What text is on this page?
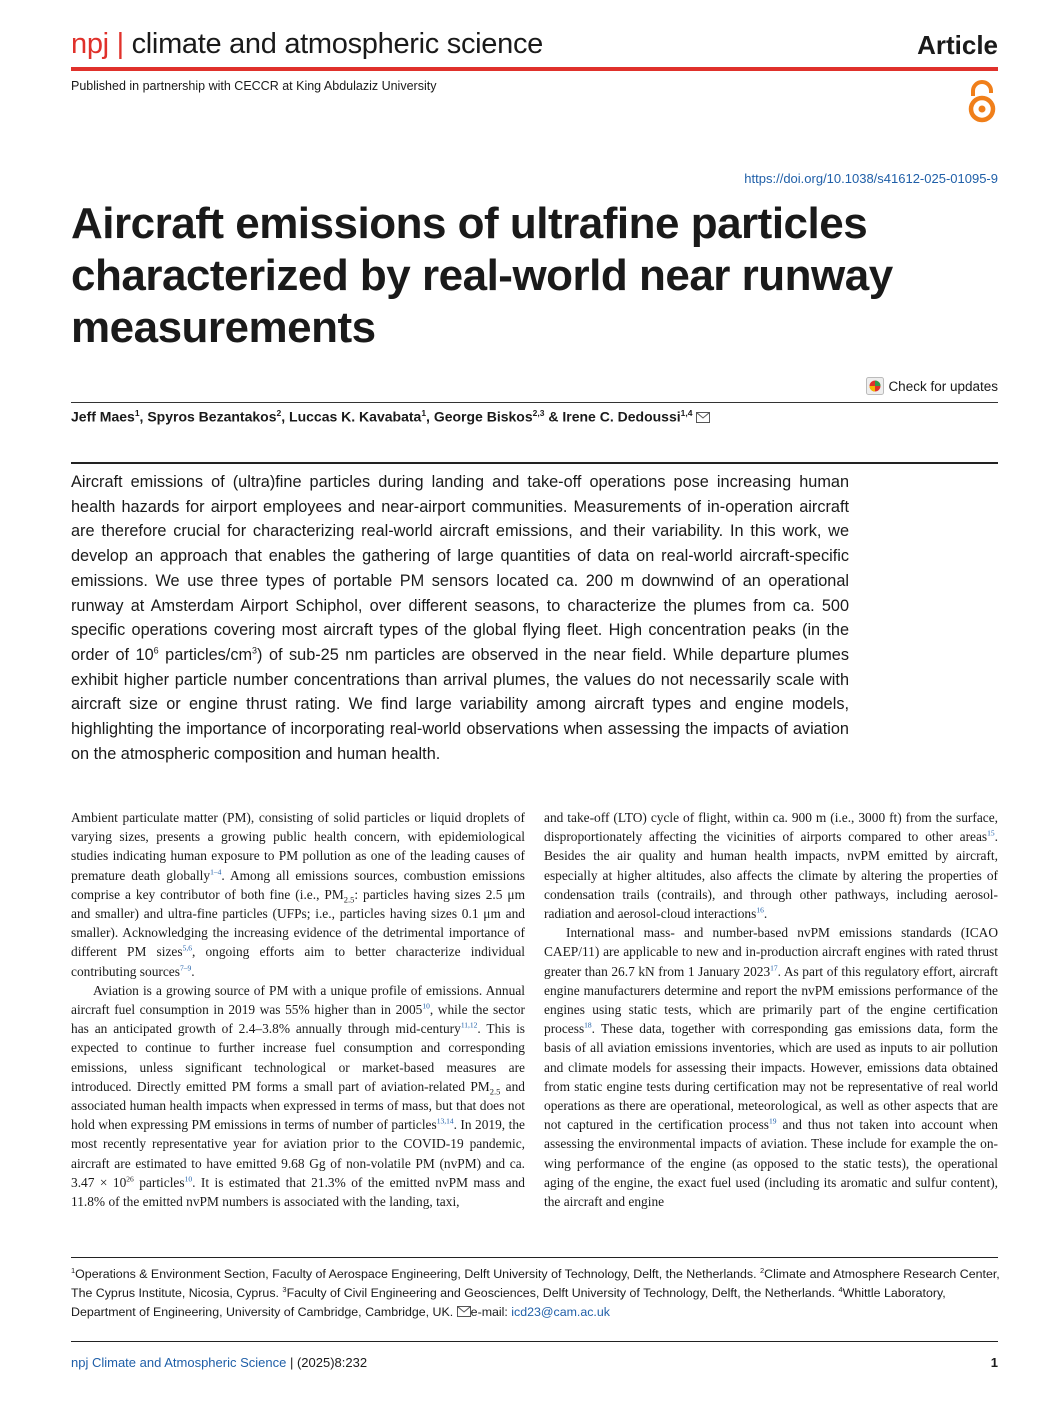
npj | climate and atmospheric science	Article
Published in partnership with CECCR at King Abdulaziz University
https://doi.org/10.1038/s41612-025-01095-9
Aircraft emissions of ultrafine particles characterized by real-world near runway measurements
Check for updates
Jeff Maes$^1$, Spyros Bezantakos$^2$, Luccas K. Kavabata$^1$, George Biskos$^{2,3}$ & Irene C. Dedoussi$^{1,4}$

Aircraft emissions of (ultra)fine particles during landing and take-off operations pose increasing human health hazards for airport employees and near-airport communities. Measurements of in-operation aircraft are therefore crucial for characterizing real-world aircraft emissions, and their variability. In this work, we develop an approach that enables the gathering of large quantities of data on real-world aircraft-specific emissions. We use three types of portable PM sensors located ca. 200 m downwind of an operational runway at Amsterdam Airport Schiphol, over different seasons, to characterize the plumes from ca. 500 specific operations covering most aircraft types of the global flying fleet. High concentration peaks (in the order of $10^6$ particles/$cm^3$) of sub-25 nm particles are observed in the near field. While departure plumes exhibit higher particle number concentrations than arrival plumes, the values do not necessarily scale with aircraft size or engine thrust rating. We find large variability among aircraft types and engine models, highlighting the importance of incorporating real-world observations when assessing the impacts of aviation on the atmospheric composition and human health.

Ambient particulate matter (PM), consisting of solid particles or liquid droplets of varying sizes, presents a growing public health concern, with epidemiological studies indicating human exposure to PM pollution as one of the leading causes of premature death globally$^{1-4}$. Among all emissions sources, combustion emissions comprise a key contributor of both fine (i.e., $PM_{2.5}$: particles having sizes 2.5 μm and smaller) and ultra-fine particles (UFPs; i.e., particles having sizes 0.1 μm and smaller). Acknowledging the increasing evidence of the detrimental importance of different PM sizes$^{5,6}$, ongoing efforts aim to better characterize individual contributing sources$^{7-9}$.

Aviation is a growing source of PM with a unique profile of emissions. Annual aircraft fuel consumption in 2019 was 55% higher than in 2005$^{10}$, while the sector has an anticipated growth of 2.4–3.8% annually through mid-century$^{11,12}$. This is expected to continue to further increase fuel consumption and corresponding emissions, unless significant technological or market-based measures are introduced. Directly emitted PM forms a small part of aviation-related $PM_{2.5}$ and associated human health impacts when expressed in terms of mass, but that does not hold when expressing PM emissions in terms of number of particles$^{13,14}$. In 2019, the most recently representative year for aviation prior to the COVID-19 pandemic, aircraft are estimated to have emitted 9.68 Gg of non-volatile PM (nvPM) and ca. $3.47 \times 10^{26}$ particles$^{10}$. It is estimated that 21.3% of the emitted nvPM mass and 11.8% of the emitted nvPM numbers is associated with the landing, taxi,

and take-off (LTO) cycle of flight, within ca. 900 m (i.e., 3000 ft) from the surface, disproportionately affecting the vicinities of airports compared to other areas$^{15}$. Besides the air quality and human health impacts, nvPM emitted by aircraft, especially at higher altitudes, also affects the climate by altering the properties of condensation trails (contrails), and through other pathways, including aerosol-radiation and aerosol-cloud interactions$^{16}$.

International mass- and number-based nvPM emissions standards (ICAO CAEP/11) are applicable to new and in-production aircraft engines with rated thrust greater than 26.7 kN from 1 January 2023$^{17}$. As part of this regulatory effort, aircraft engine manufacturers determine and report the nvPM emissions performance of the engines using static tests, which are primarily part of the engine certification process$^{18}$. These data, together with corresponding gas emissions data, form the basis of all aviation emissions inventories, which are used as inputs to air pollution and climate models for assessing their impacts. However, emissions data obtained from static engine tests during certification may not be representative of real world operations as there are operational, meteorological, as well as other aspects that are not captured in the certification process$^{19}$ and thus not taken into account when assessing the environmental impacts of aviation. These include for example the on-wing performance of the engine (as opposed to the static tests), the operational aging of the engine, the exact fuel used (including its aromatic and sulfur content), the aircraft and engine

$^1$Operations & Environment Section, Faculty of Aerospace Engineering, Delft University of Technology, Delft, the Netherlands. $^2$Climate and Atmosphere Research Center, The Cyprus Institute, Nicosia, Cyprus. $^3$Faculty of Civil Engineering and Geosciences, Delft University of Technology, Delft, the Netherlands. $^4$Whittle Laboratory, Department of Engineering, University of Cambridge, Cambridge, UK. e-mail: icd23@cam.ac.uk

npj Climate and Atmospheric Science | (2025)8:232	1
